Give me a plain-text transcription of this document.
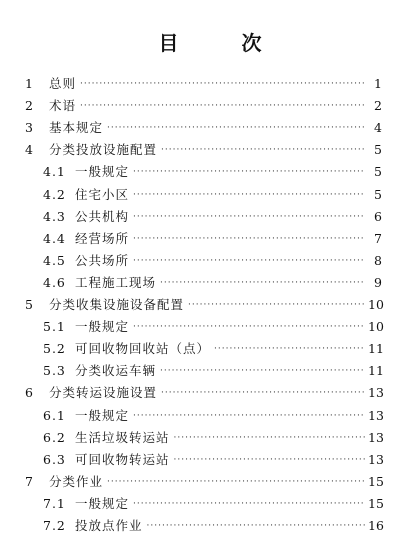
目 次
1	总则 ·····	1
2	术语 ·····	2
3	基本规定 ·····	4
4	分类投放设施配置 ·····	5
4.1 一般规定 ·····	5
4.2 住宅小区 ·····	5
4.3 公共机构 ·····	6
4.4 经营场所 ·····	7
4.5 公共场所 ·····	8
4.6 工程施工现场 ·····	9
5	分类收集设施设备配置 ·····	10
5.1 一般规定 ·····	10
5.2 可回收物回收站（点） ·····	11
5.3 分类收运车辆 ·····	11
6	分类转运设施设置 ·····	13
6.1 一般规定 ·····	13
6.2 生活垃圾转运站 ·····	13
6.3 可回收物转运站 ·····	13
7	分类作业 ·····	15
7.1 一般规定 ·····	15
7.2 投放点作业 ·····	16
